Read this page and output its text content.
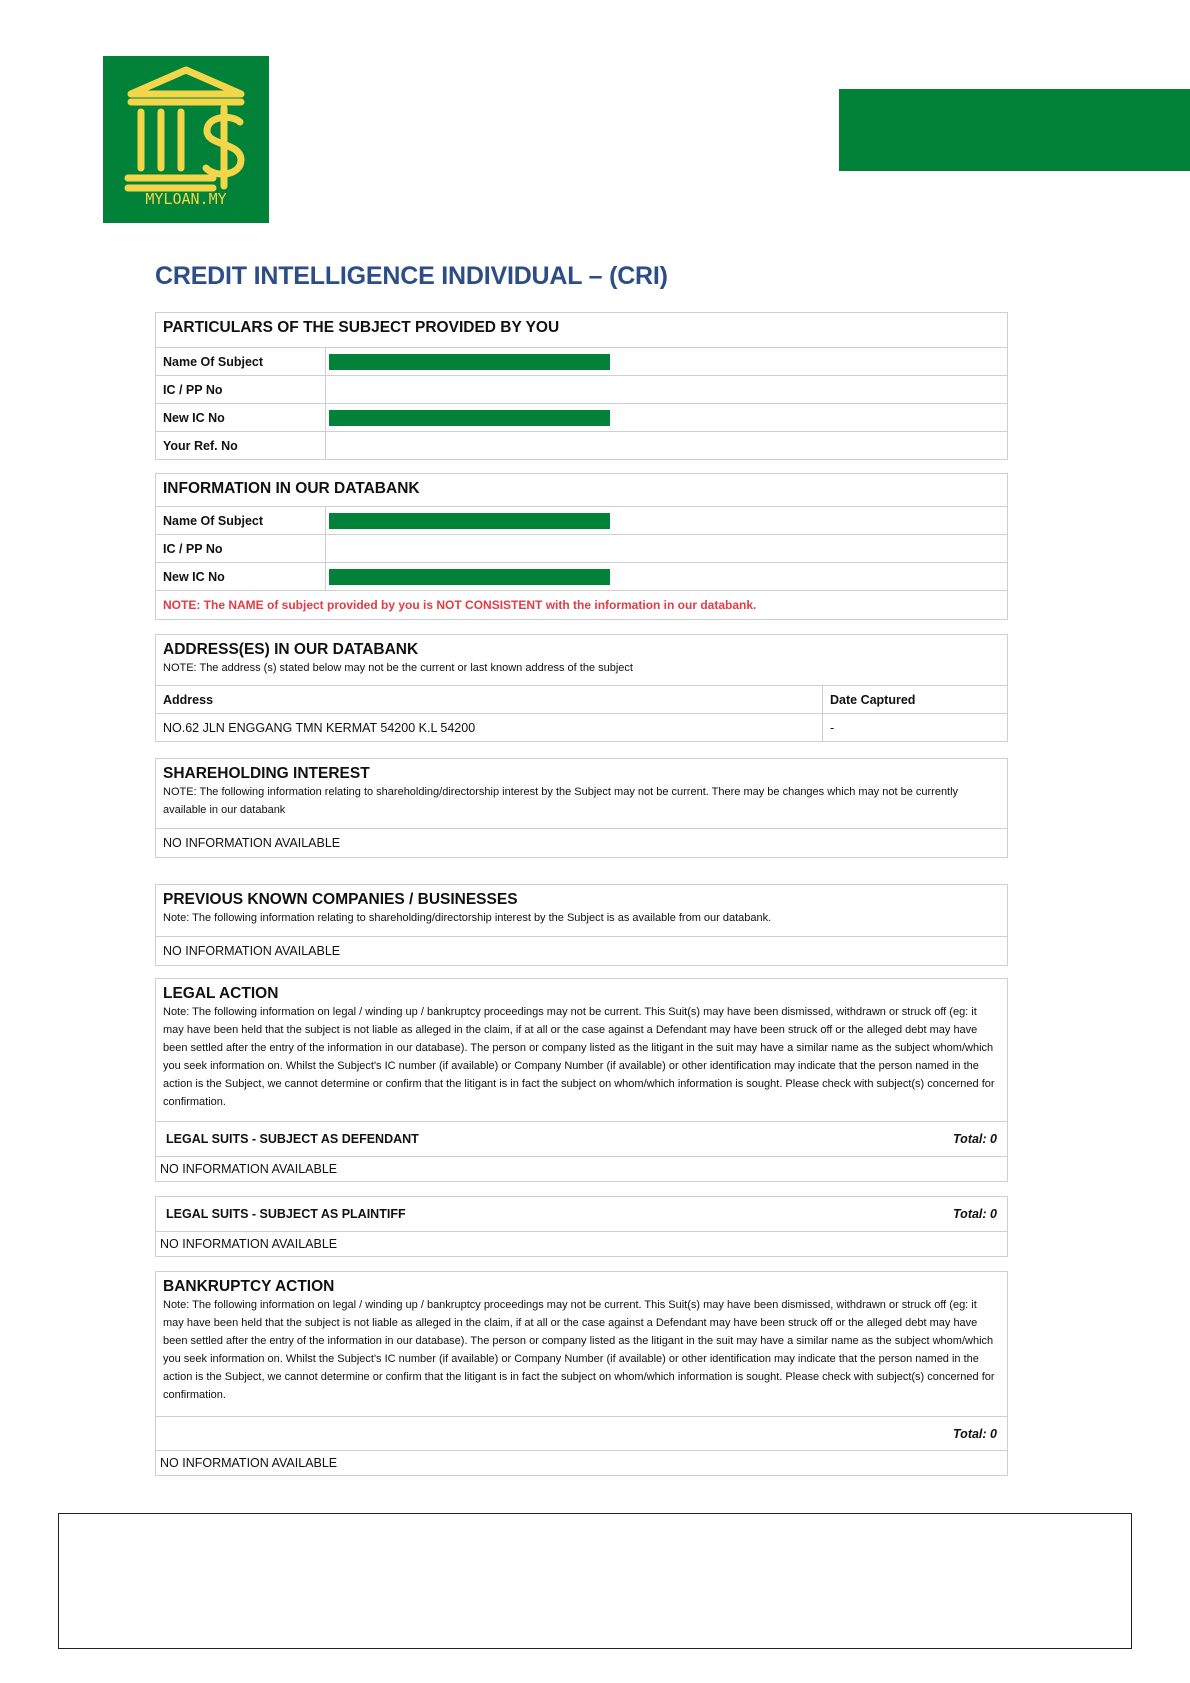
MYLOAN.MY
CREDIT INTELLIGENCE INDIVIDUAL – (CRI)
PARTICULARS OF THE SUBJECT PROVIDED BY YOU
Name Of Subject
IC / PP No
New IC No
Your Ref. No
INFORMATION IN OUR DATABANK
Name Of Subject
IC / PP No
New IC No
NOTE: The NAME of subject provided by you is NOT CONSISTENT with the information in our databank.
ADDRESS(ES) IN OUR DATABANK
NOTE: The address (s) stated below may not be the current or last known address of the subject
Address	Date Captured
NO.62 JLN ENGGANG TMN KERMAT 54200 K.L 54200	-
SHAREHOLDING INTEREST
NOTE: The following information relating to shareholding/directorship interest by the Subject may not be current. There may be changes which may not be currently available in our databank
NO INFORMATION AVAILABLE
PREVIOUS KNOWN COMPANIES / BUSINESSES
Note: The following information relating to shareholding/directorship interest by the Subject is as available from our databank.
NO INFORMATION AVAILABLE
LEGAL ACTION
Note: The following information on legal / winding up / bankruptcy proceedings may not be current. This Suit(s) may have been dismissed, withdrawn or struck off (eg: it may have been held that the subject is not liable as alleged in the claim, if at all or the case against a Defendant may have been struck off or the alleged debt may have been settled after the entry of the information in our database). The person or company listed as the litigant in the suit may have a similar name as the subject whom/which you seek information on. Whilst the Subject's IC number (if available) or Company Number (if available) or other identification may indicate that the person named in the action is the Subject, we cannot determine or confirm that the litigant is in fact the subject on whom/which information is sought. Please check with subject(s) concerned for confirmation.
LEGAL SUITS - SUBJECT AS DEFENDANT	Total: 0
NO INFORMATION AVAILABLE
LEGAL SUITS - SUBJECT AS PLAINTIFF	Total: 0
NO INFORMATION AVAILABLE
BANKRUPTCY ACTION
Note: The following information on legal / winding up / bankruptcy proceedings may not be current. This Suit(s) may have been dismissed, withdrawn or struck off (eg: it may have been held that the subject is not liable as alleged in the claim, if at all or the case against a Defendant may have been struck off or the alleged debt may have been settled after the entry of the information in our database). The person or company listed as the litigant in the suit may have a similar name as the subject whom/which you seek information on. Whilst the Subject's IC number (if available) or Company Number (if available) or other identification may indicate that the person named in the action is the Subject, we cannot determine or confirm that the litigant is in fact the subject on whom/which information is sought. Please check with subject(s) concerned for confirmation.
Total: 0
NO INFORMATION AVAILABLE
